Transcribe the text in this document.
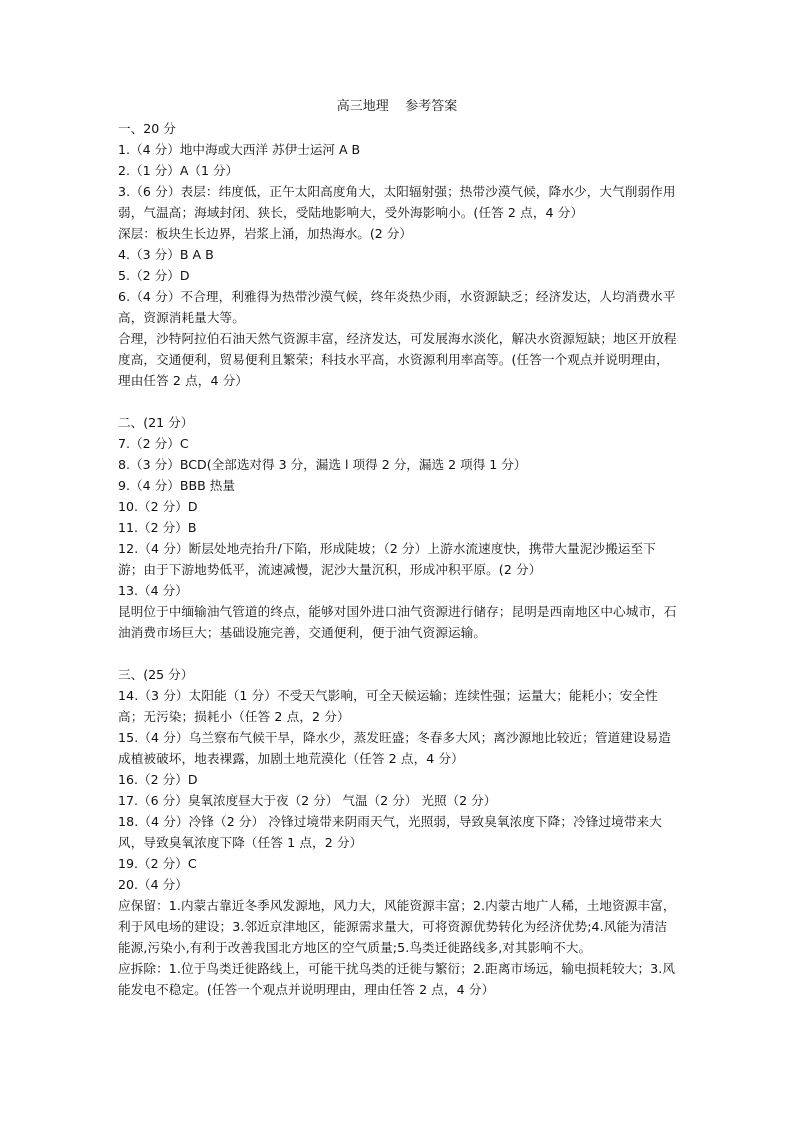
高三地理    参考答案
一、20 分
1.（4 分）地中海或大西洋 苏伊士运河 A B
2.（1 分）A（1 分）
3.（6 分）表层：纬度低，正午太阳高度角大，太阳辐射强；热带沙漠气候，降水少，大气削弱作用弱，气温高；海域封闭、狭长，受陆地影响大，受外海影响小。(任答 2 点，4 分）
深层：板块生长边界，岩浆上涌，加热海水。(2 分）
4.（3 分）B A B
5.（2 分）D
6.（4 分）不合理，利雅得为热带沙漠气候，终年炎热少雨，水资源缺乏；经济发达，人均消费水平高，资源消耗量大等。
合理，沙特阿拉伯石油天然气资源丰富，经济发达，可发展海水淡化，解决水资源短缺；地区开放程度高，交通便利，贸易便利且繁荣；科技水平高，水资源利用率高等。(任答一个观点并说明理由，理由任答 2 点，4 分）
二、(21 分）
7.（2 分）C
8.（3 分）BCD(全部选对得 3 分，漏选 l 项得 2 分，漏选 2 项得 1 分）
9.（4 分）BBB 热量
10.（2 分）D
11.（2 分）B
12.（4 分）断层处地壳抬升/下陷，形成陡坡；（2 分）上游水流速度快，携带大量泥沙搬运至下游；由于下游地势低平，流速减慢，泥沙大量沉积，形成冲积平原。(2 分）
13.（4 分）
昆明位于中缅输油气管道的终点，能够对国外进口油气资源进行储存；昆明是西南地区中心城市，石油消费市场巨大；基础设施完善，交通便利，便于油气资源运输。
三、(25 分）
14.（3 分）太阳能（1 分）不受天气影响，可全天候运输；连续性强；运量大；能耗小；安全性高；无污染；损耗小（任答 2 点，2 分）
15.（4 分）乌兰察布气候干旱，降水少，蒸发旺盛；冬春多大风；离沙源地比较近；管道建设易造成植被破坏，地表裸露，加剧土地荒漠化（任答 2 点，4 分）
16.（2 分）D
17.（6 分）臭氧浓度昼大于夜（2 分） 气温（2 分） 光照（2 分）
18.（4 分）冷锋（2 分） 冷锋过境带来阴雨天气，光照弱，导致臭氧浓度下降；冷锋过境带来大风，导致臭氧浓度下降（任答 1 点，2 分）
19.（2 分）C
20.（4 分）
应保留：1.内蒙古靠近冬季风发源地，风力大，风能资源丰富；2.内蒙古地广人稀，土地资源丰富，利于风电场的建设；3.邻近京津地区，能源需求量大，可将资源优势转化为经济优势;4.风能为清洁能源,污染小,有利于改善我国北方地区的空气质量;5.鸟类迁徙路线多,对其影响不大。
应拆除：1.位于鸟类迁徙路线上，可能干扰鸟类的迁徙与繁衍；2.距离市场远，输电损耗较大；3.风能发电不稳定。(任答一个观点并说明理由，理由任答 2 点，4 分）
